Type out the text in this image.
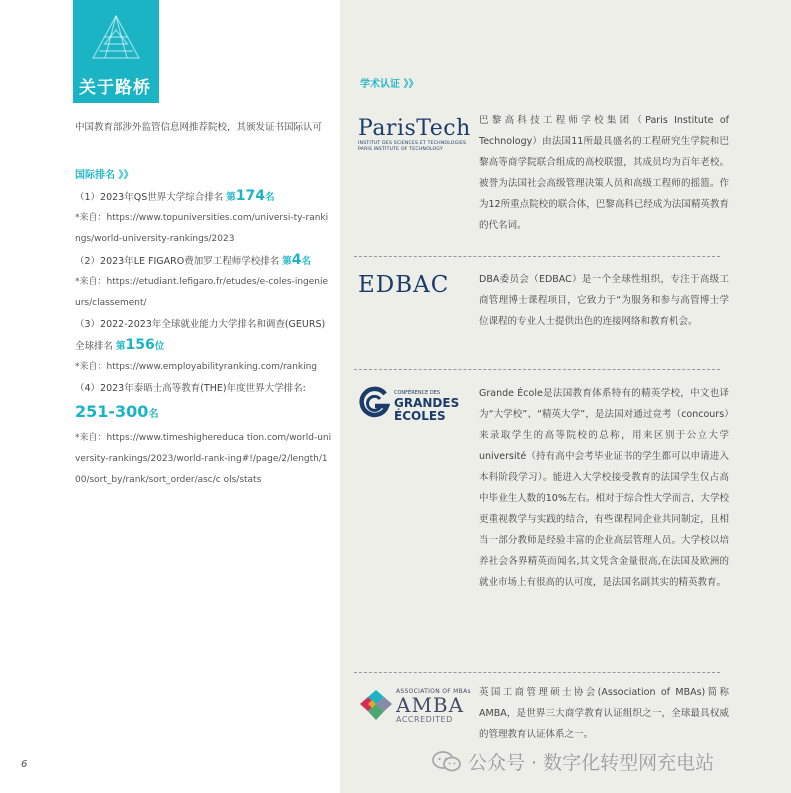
关于路桥
中国教育部涉外监管信息网推荐院校，其颁发证书国际认可
国际排名 》》
（1）2023年QS世界大学综合排名 第174名
*来自：https://www.topuniversities.com/universi-ty-rankings/world-university-rankings/2023
（2）2023年LE FIGARO费加罗工程师学校排名 第4名
*来自：https://etudiant.lefigaro.fr/etudes/e-coles-ingenieurs/classement/
（3）2022-2023年全球就业能力大学排名和调查(GEURS)全球排名 第156位
*来自：https://www.employabilityranking.com/ranking
（4）2023年泰晤士高等教育(THE)年度世界大学排名:
251-300名
*来自：https://www.timeshighereduca tion.com/world-university-rankings/2023/world-rank-ing#!/page/2/length/100/sort_by/rank/sort_order/asc/c ols/stats
6
学术认证 》》
ParisTech
INSTITUT DES SCIENCES ET TECHNOLOGIES
PARIS INSTITUTE OF TECHNOLOGY
巴黎高科技工程师学校集团（Paris Institute of Technology）由法国11所最具盛名的工程研究生学院和巴黎高等商学院联合组成的高校联盟，其成员均为百年老校。被誉为法国社会高级管理决策人员和高级工程师的摇篮。作为12所重点院校的联合体，巴黎高科已经成为法国精英教育的代名词。
EDBAC	DBA委员会（EDBAC）是一个全球性组织，专注于高级工商管理博士课程项目，它致力于“为服务和参与高管博士学位课程的专业人士提供出色的连接网络和教育机会。
CONFÉRENCE DES
GRANDES
ÉCOLES
Grande École是法国教育体系特有的精英学校，中文也译为“大学校”、“精英大学”，是法国对通过竞考（concours）来录取学生的高等院校的总称，用来区别于公立大学université（持有高中会考毕业证书的学生都可以申请进入本科阶段学习）。能进入大学校接受教育的法国学生仅占高中毕业生人数的10%左右。相对于综合性大学而言，大学校更重视教学与实践的结合，有些课程同企业共同制定，且相当一部分教师是经验丰富的企业高层管理人员。大学校以培养社会各界精英而闻名,其文凭含金量很高,在法国及欧洲的就业市场上有很高的认可度，是法国名副其实的精英教育。
ASSOCIATION OF MBAs
AMBA
ACCREDITED
英国工商管理硕士协会(Association of MBAs)简称AMBA，是世界三大商学教育认证组织之一，全球最具权威的管理教育认证体系之一。
公众号 · 数字化转型网充电站
